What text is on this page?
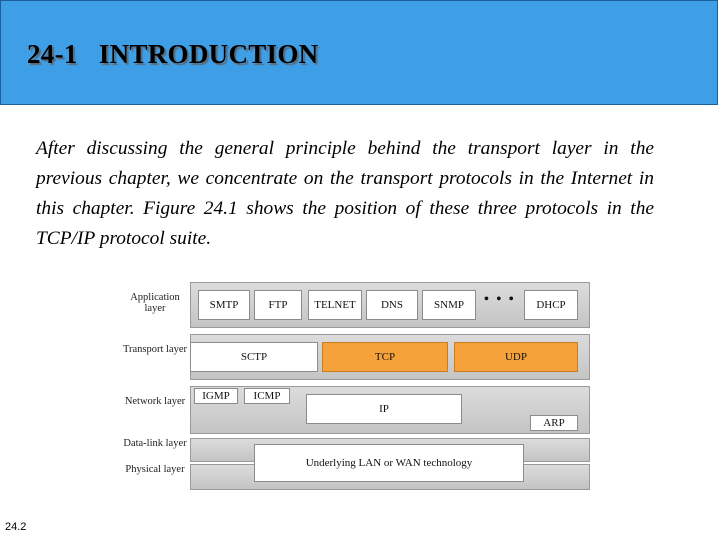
24-1   INTRODUCTION
After discussing the general principle behind the transport layer in the previous chapter, we concentrate on the transport protocols in the Internet in this chapter. Figure 24.1 shows the position of these three protocols in the TCP/IP protocol suite.
Application layer
Transport layer
Network layer
Data-link layer
Physical layer
SMTP	FTP	TELNET	DNS	SNMP	• • •	DHCP
SCTP	TCP	UDP
IGMP	ICMP
IP
ARP
Underlying LAN or WAN technology
24.2
